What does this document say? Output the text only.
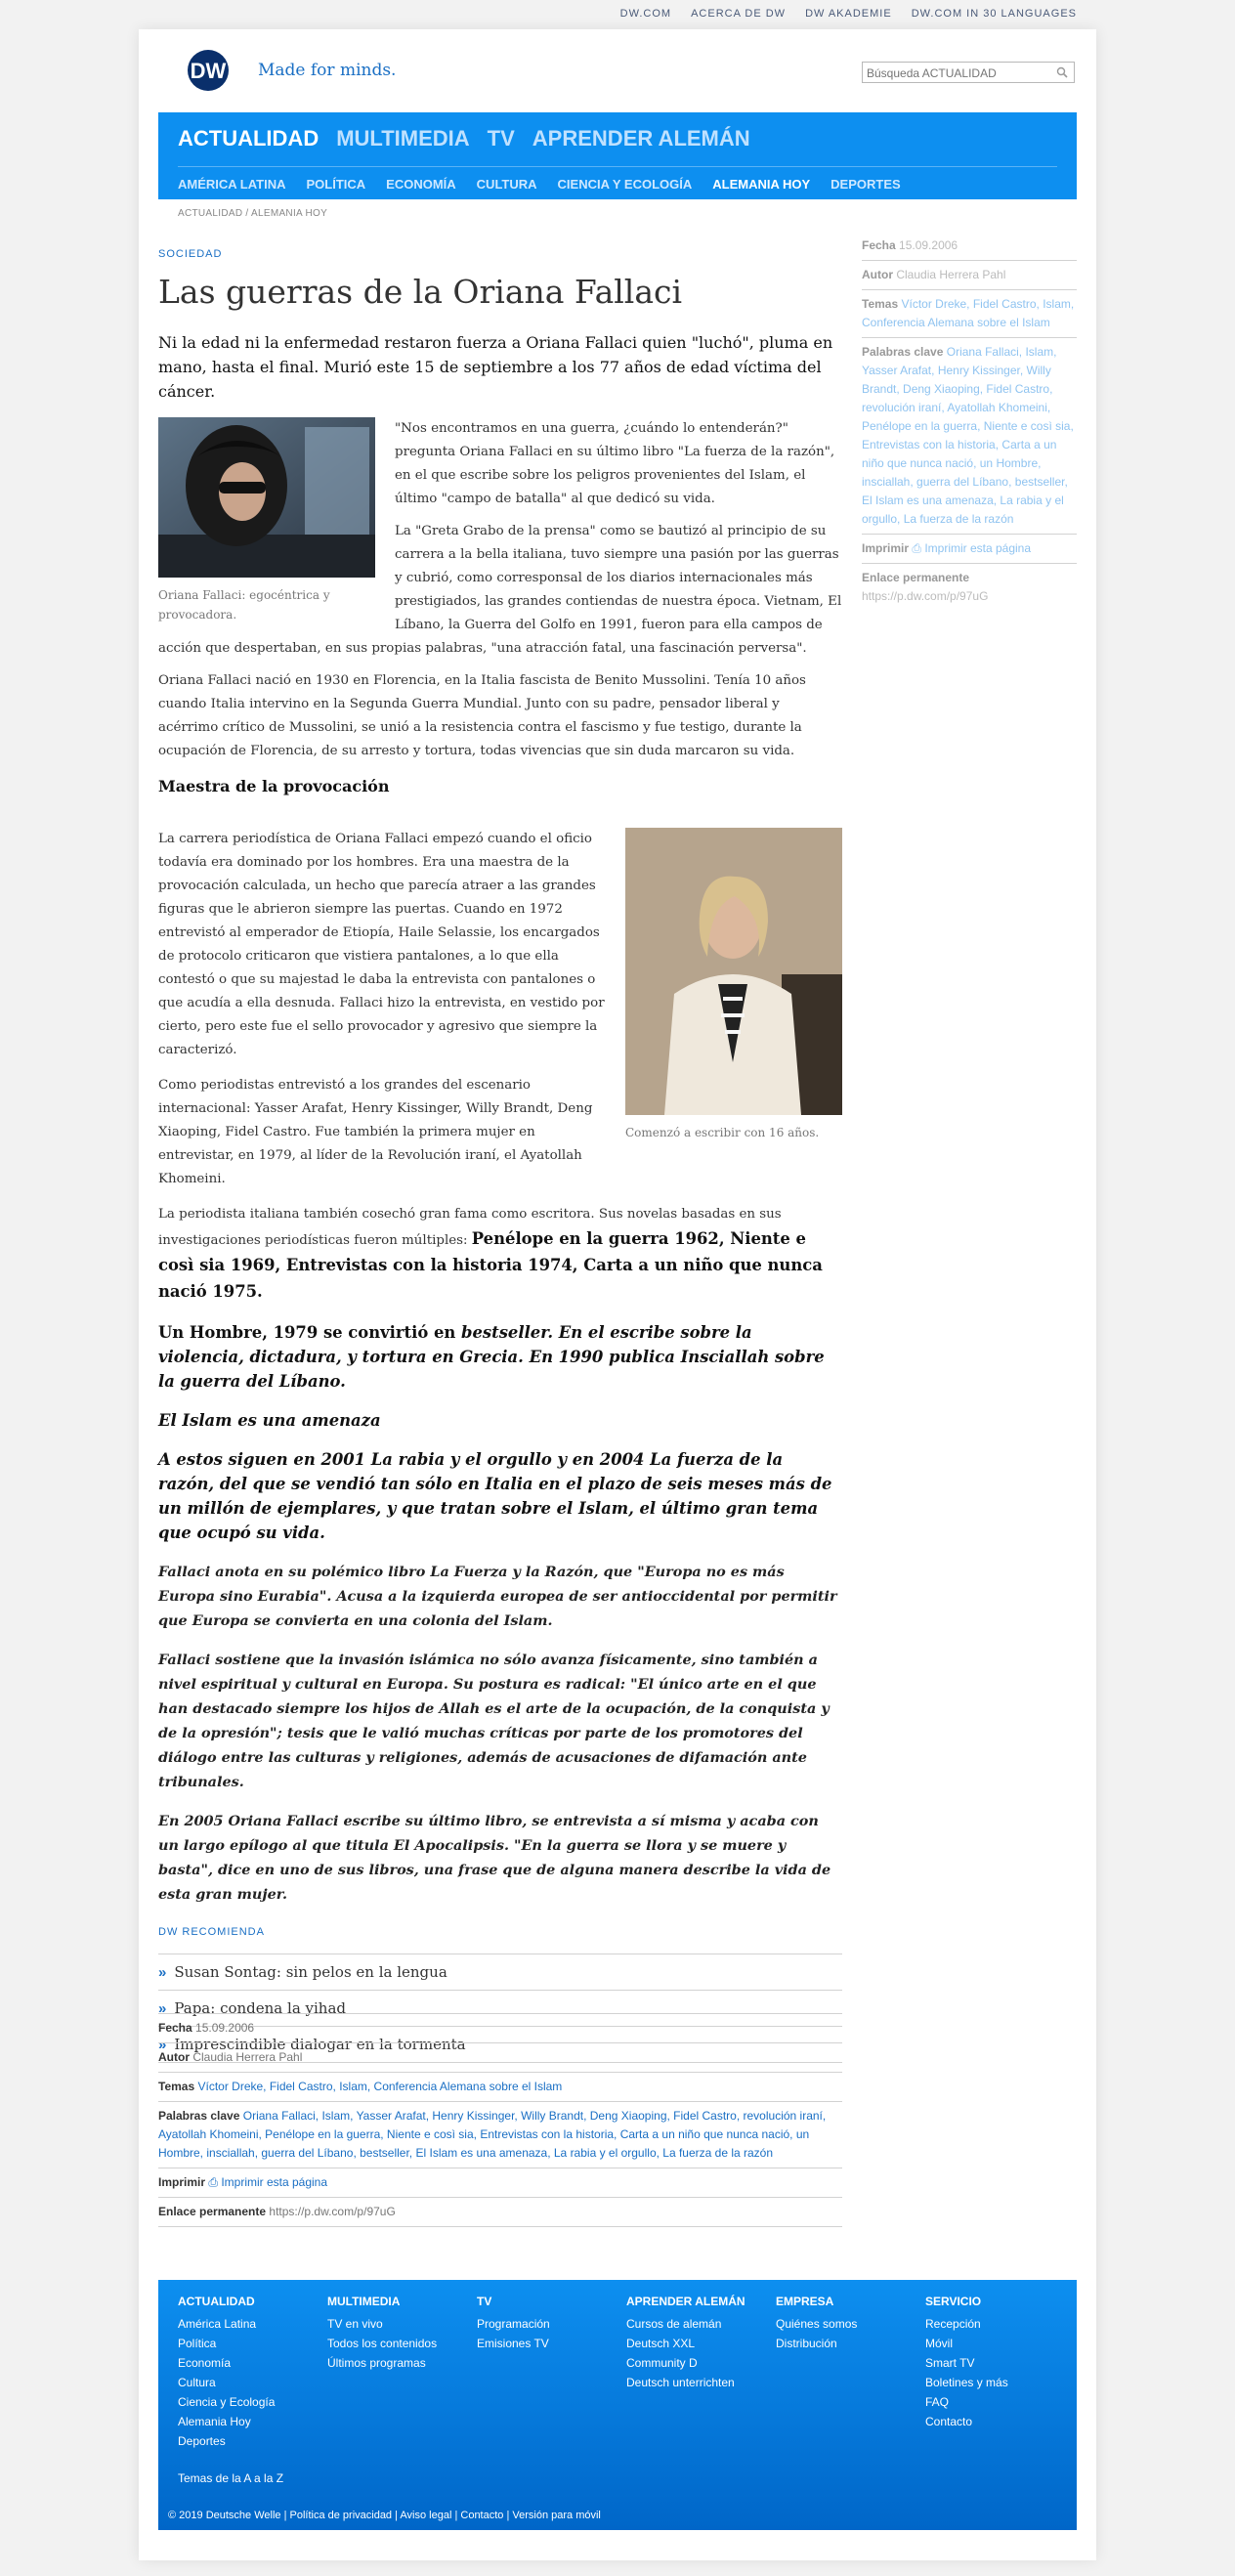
DW.COM ACERCA DE DW DW AKADEMIE DW.COM IN 30 LANGUAGES
DW Made for minds.
Búsqueda ACTUALIDAD
ACTUALIDAD MULTIMEDIA TV APRENDER ALEMÁN
AMÉRICA LATINA POLÍTICA ECONOMÍA CULTURA CIENCIA Y ECOLOGÍA ALEMANIA HOY DEPORTES
ACTUALIDAD / ALEMANIA HOY
SOCIEDAD
Las guerras de la Oriana Fallaci

Ni la edad ni la enfermedad restaron fuerza a Oriana Fallaci quien "luchó", pluma en mano, hasta el final. Murió este 15 de septiembre a los 77 años de edad víctima del cáncer.

Oriana Fallaci: egocéntrica y provocadora.

"Nos encontramos en una guerra, ¿cuándo lo entenderán?" pregunta Oriana Fallaci en su último libro "La fuerza de la razón", en el que escribe sobre los peligros provenientes del Islam, el último "campo de batalla" al que dedicó su vida.

La "Greta Grabo de la prensa" como se bautizó al principio de su carrera a la bella italiana, tuvo siempre una pasión por las guerras y cubrió, como corresponsal de los diarios internacionales más prestigiados, las grandes contiendas de nuestra época. Vietnam, El Líbano, la Guerra del Golfo en 1991, fueron para ella campos de acción que despertaban, en sus propias palabras, "una atracción fatal, una fascinación perversa".

Oriana Fallaci nació en 1930 en Florencia, en la Italia fascista de Benito Mussolini. Tenía 10 años cuando Italia intervino en la Segunda Guerra Mundial. Junto con su padre, pensador liberal y acérrimo crítico de Mussolini, se unió a la resistencia contra el fascismo y fue testigo, durante la ocupación de Florencia, de su arresto y tortura, todas vivencias que sin duda marcaron su vida.

Maestra de la provocación
Comenzó a escribir con 16 años.

La carrera periodística de Oriana Fallaci empezó cuando el oficio todavía era dominado por los hombres. Era una maestra de la provocación calculada, un hecho que parecía atraer a las grandes figuras que le abrieron siempre las puertas. Cuando en 1972 entrevistó al emperador de Etiopía, Haile Selassie, los encargados de protocolo criticaron que vistiera pantalones, a lo que ella contestó o que su majestad le daba la entrevista con pantalones o que acudía a ella desnuda. Fallaci hizo la entrevista, en vestido por cierto, pero este fue el sello provocador y agresivo que siempre la caracterizó.

Como periodistas entrevistó a los grandes del escenario internacional: Yasser Arafat, Henry Kissinger, Willy Brandt, Deng Xiaoping, Fidel Castro. Fue también la primera mujer en entrevistar, en 1979, al líder de la Revolución iraní, el Ayatollah Khomeini.

La periodista italiana también cosechó gran fama como escritora. Sus novelas basadas en sus investigaciones periodísticas fueron múltiples: Penélope en la guerra 1962, Niente e così sia 1969, Entrevistas con la historia 1974, Carta a un niño que nunca nació 1975.

Un Hombre, 1979 se convirtió en bestseller. En el escribe sobre la violencia, dictadura, y tortura en Grecia. En 1990 publica Insciallah sobre la guerra del Líbano.

El Islam es una amenaza

A estos siguen en 2001 La rabia y el orgullo y en 2004 La fuerza de la razón, del que se vendió tan sólo en Italia en el plazo de seis meses más de un millón de ejemplares, y que tratan sobre el Islam, el último gran tema que ocupó su vida.

Fallaci anota en su polémico libro La Fuerza y la Razón, que "Europa no es más Europa sino Eurabia". Acusa a la izquierda europea de ser antioccidental por permitir que Europa se convierta en una colonia del Islam.

Fallaci sostiene que la invasión islámica no sólo avanza físicamente, sino también a nivel espiritual y cultural en Europa. Su postura es radical: "El único arte en el que han destacado siempre los hijos de Allah es el arte de la ocupación, de la conquista y de la opresión"; tesis que le valió muchas críticas por parte de los promotores del diálogo entre las culturas y religiones, además de acusaciones de difamación ante tribunales.

En 2005 Oriana Fallaci escribe su último libro, se entrevista a sí misma y acaba con un largo epílogo al que titula El Apocalipsis. "En la guerra se llora y se muere y basta", dice en uno de sus libros, una frase que de alguna manera describe la vida de esta gran mujer.

DW RECOMIENDA
» Susan Sontag: sin pelos en la lengua
» Papa: condena la yihad
» Imprescindible dialogar en la tormenta
Fecha 15.09.2006
Autor Claudia Herrera Pahl
Temas Víctor Dreke, Fidel Castro, Islam, Conferencia Alemana sobre el Islam
Palabras clave Oriana Fallaci, Islam, Yasser Arafat, Henry Kissinger, Willy Brandt, Deng Xiaoping, Fidel Castro, revolución iraní, Ayatollah Khomeini, Penélope en la guerra, Niente e così sia, Entrevistas con la historia, Carta a un niño que nunca nació, un Hombre, insciallah, guerra del Líbano, bestseller, El Islam es una amenaza, La rabia y el orgullo, La fuerza de la razón
Imprimir ⎙ Imprimir esta página
Enlace permanente
https://p.dw.com/p/97uG
Fecha 15.09.2006
Autor Claudia Herrera Pahl
Temas Víctor Dreke, Fidel Castro, Islam, Conferencia Alemana sobre el Islam
Palabras clave Oriana Fallaci, Islam, Yasser Arafat, Henry Kissinger, Willy Brandt, Deng Xiaoping, Fidel Castro, revolución iraní, Ayatollah Khomeini, Penélope en la guerra, Niente e così sia, Entrevistas con la historia, Carta a un niño que nunca nació, un Hombre, insciallah, guerra del Líbano, bestseller, El Islam es una amenaza, La rabia y el orgullo, La fuerza de la razón
Imprimir ⎙ Imprimir esta página
Enlace permanente https://p.dw.com/p/97uG
ACTUALIDAD
América Latina
Política
Economía
Cultura
Ciencia y Ecología
Alemania Hoy
Deportes
MULTIMEDIA
TV en vivo
Todos los contenidos
Últimos programas
TV
Programación
Emisiones TV
APRENDER ALEMÁN
Cursos de alemán
Deutsch XXL
Community D
Deutsch unterrichten
EMPRESA
Quiénes somos
Distribución
SERVICIO
Recepción
Móvil
Smart TV
Boletines y más
FAQ
Contacto
Temas de la A a la Z
© 2019 Deutsche Welle | Política de privacidad | Aviso legal | Contacto | Versión para móvil
